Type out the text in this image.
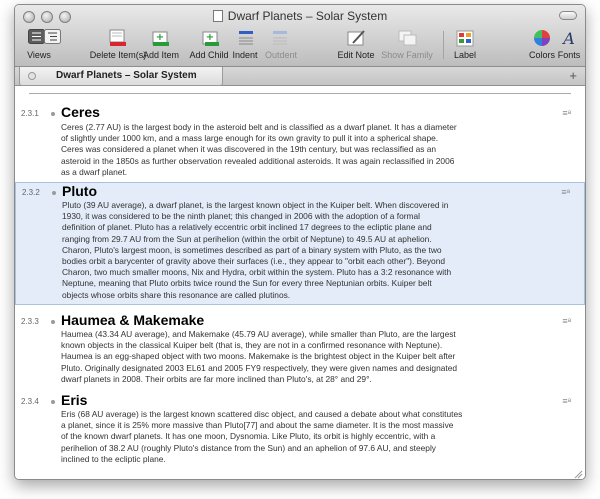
Dwarf Planets – Solar System
Views	Delete Item(s)
+
Add Item
+
Add Child Indent Outdent	Edit Note Show Family	Label	Colors
A
Fonts
Dwarf Planets – Solar System	+
2.3.1 Ceres	≡ᵃ
Ceres (2.77 AU) is the largest body in the asteroid belt and is classified as a dwarf planet. It has a diameter
of slightly under 1000 km, and a mass large enough for its own gravity to pull it into a spherical shape.
Ceres was considered a planet when it was discovered in the 19th century, but was reclassified as an
asteroid in the 1850s as further observation revealed additional asteroids. It was again reclassified in 2006
as a dwarf planet.
2.3.2 Pluto	≡ᵃ
Pluto (39 AU average), a dwarf planet, is the largest known object in the Kuiper belt. When discovered in
1930, it was considered to be the ninth planet; this changed in 2006 with the adoption of a formal
definition of planet. Pluto has a relatively eccentric orbit inclined 17 degrees to the ecliptic plane and
ranging from 29.7 AU from the Sun at perihelion (within the orbit of Neptune) to 49.5 AU at aphelion.
Charon, Pluto's largest moon, is sometimes described as part of a binary system with Pluto, as the two
bodies orbit a barycenter of gravity above their surfaces (i.e., they appear to "orbit each other"). Beyond
Charon, two much smaller moons, Nix and Hydra, orbit within the system. Pluto has a 3:2 resonance with
Neptune, meaning that Pluto orbits twice round the Sun for every three Neptunian orbits. Kuiper belt
objects whose orbits share this resonance are called plutinos.
2.3.3 Haumea & Makemake	≡ᵃ
Haumea (43.34 AU average), and Makemake (45.79 AU average), while smaller than Pluto, are the largest
known objects in the classical Kuiper belt (that is, they are not in a confirmed resonance with Neptune).
Haumea is an egg-shaped object with two moons. Makemake is the brightest object in the Kuiper belt after
Pluto. Originally designated 2003 EL61 and 2005 FY9 respectively, they were given names and designated
dwarf planets in 2008. Their orbits are far more inclined than Pluto's, at 28° and 29°.
2.3.4 Eris	≡ᵃ
Eris (68 AU average) is the largest known scattered disc object, and caused a debate about what constitutes
a planet, since it is 25% more massive than Pluto[77] and about the same diameter. It is the most massive
of the known dwarf planets. It has one moon, Dysnomia. Like Pluto, its orbit is highly eccentric, with a
perihelion of 38.2 AU (roughly Pluto's distance from the Sun) and an aphelion of 97.6 AU, and steeply
inclined to the ecliptic plane.
